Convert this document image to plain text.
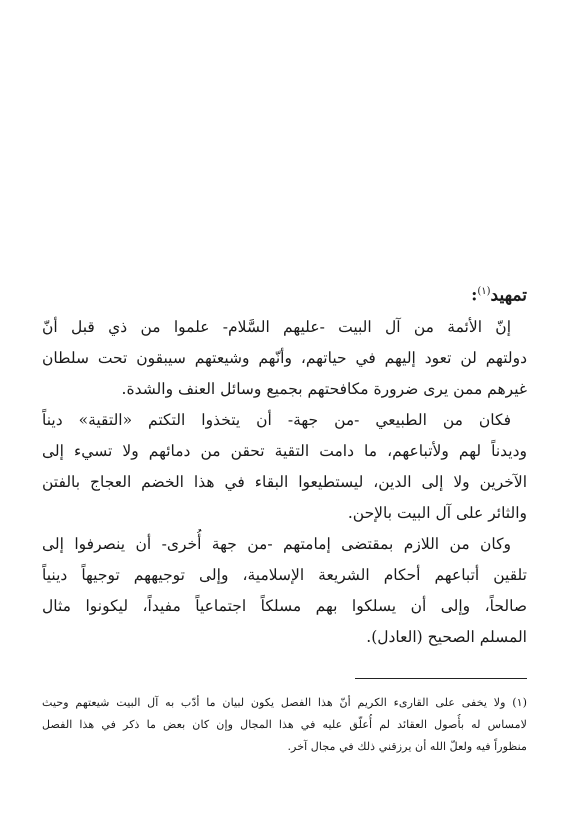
تمهيد$^{(١)}$:
إنّ الأئمة من آل البيت -عليهم السَّلام- علموا من ذي قبل أنّ
دولتهم لن تعود إليهم في حياتهم، وأنّهم وشيعتهم سيبقون تحت سلطان
غيرهم ممن يرى ضرورة مكافحتهم بجميع وسائل العنف والشدة.
فكان من الطبيعي -من جهة- أن يتخذوا التكتم «التقية» ديناً
وديدناً لهم ولأتباعهم، ما دامت التقية تحقن من دمائهم ولا تسيء إلى
الآخرين ولا إلى الدين، ليستطيعوا البقاء في هذا الخضم العجاج بالفتن
والثائر على آل البيت بالإحن.
وكان من اللازم بمقتضى إمامتهم -من جهة أُخرى- أن ينصرفوا إلى
تلقين أتباعهم أحكام الشريعة الإسلامية، وإلى توجيههم توجيهاً دينياً
صالحاً، وإلى أن يسلكوا بهم مسلكاً اجتماعياً مفيداً، ليكونوا مثال
المسلم الصحيح (العادل).
(١) ولا يخفى على القارىء الكريم أنّ هذا الفصل يكون لبيان ما أدّب به آل البيت شيعتهم وحيث
لامساس له بأُصول العقائد لم أُعلّق عليه في هذا المجال وإن كان بعض ما ذكر في هذا الفصل
منظوراً فيه ولعلّ الله أن يرزقني ذلك في مجال آخر.
